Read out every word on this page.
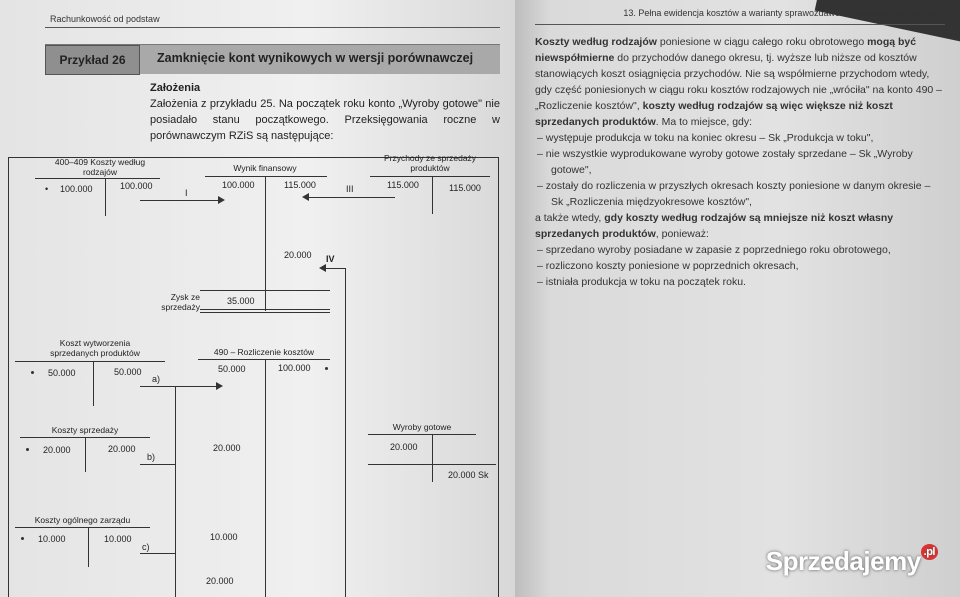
Rachunkowość od podstaw
Przykład 26	Zamknięcie kont wynikowych w wersji porównawczej
Założenia
Założenia z przykładu 25. Na początek roku konto „Wyroby gotowe" nie posiadało stanu początkowego. Przeksięgowania roczne w porównawczym RZiS są następujące:
400–409 Koszty według rodzajów
• 100.000	100.000
I
Wynik finansowy
100.000	115.000
20.000
Zysk ze sprzedaży
35.000
Przychody ze sprzedaży produktów
115.000	115.000
III
IV
Koszt wytworzenia sprzedanych produktów
50.000	50.000
a)
490 – Rozliczenie kosztów
50.000	100.000
20.000
10.000
20.000
Koszty sprzedaży
20.000	20.000
b)
Koszty ogólnego zarządu
10.000	10.000
c)
Wyroby gotowe
20.000
20.000 Sk
13. Pełna ewidencja kosztów a warianty sprawozdawcze rachunku zysków i strat

Koszty według rodzajów poniesione w ciągu całego roku obrotowego mogą być niewspółmierne do przychodów danego okresu, tj. wyższe lub niższe od kosztów stanowiących koszt osiągnięcia przychodów. Nie są współmierne przychodom wtedy, gdy część poniesionych w ciągu roku kosztów rodzajowych nie „wróciła" na konto 490 – „Rozliczenie kosztów", koszty według rodzajów są więc większe niż koszt sprzedanych produktów. Ma to miejsce, gdy:

– występuje produkcja w toku na koniec okresu – Sk „Produkcja w toku",
– nie wszystkie wyprodukowane wyroby gotowe zostały sprzedane – Sk „Wyroby gotowe",
– zostały do rozliczenia w przyszłych okresach koszty poniesione w danym okresie – Sk „Rozliczenia międzyokresowe kosztów",

a także wtedy, gdy koszty według rodzajów są mniejsze niż koszt własny sprzedanych produktów, ponieważ:

– sprzedano wyroby posiadane w zapasie z poprzedniego roku obrotowego,
– rozliczono koszty poniesione w poprzednich okresach,
– istniała produkcja w toku na początek roku.
Sprzedajemy $^{.pl}$
